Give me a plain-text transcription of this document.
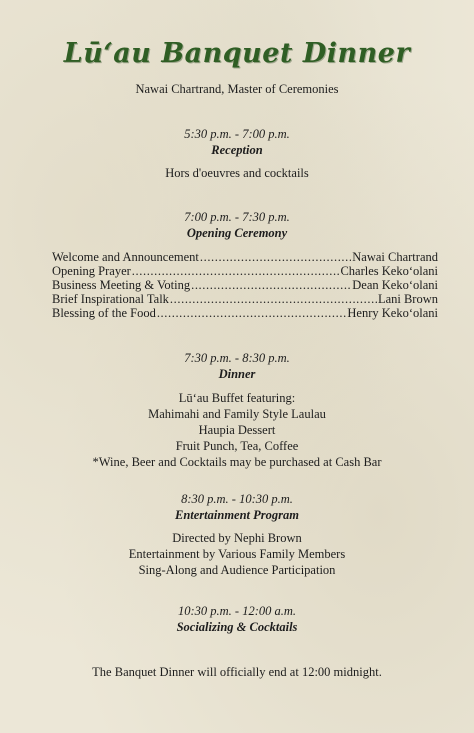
Lū‘au Banquet Dinner
Nawai Chartrand, Master of Ceremonies
5:30 p.m. - 7:00 p.m.
Reception
Hors d'oeuvres and cocktails
7:00 p.m. - 7:30 p.m.
Opening Ceremony
Welcome and Announcement .....	Nawai Chartrand
Opening Prayer .....	Charles Keko‘olani
Business Meeting & Voting .....	Dean Keko‘olani
Brief Inspirational Talk .....	Lani Brown
Blessing of the Food .....	Henry Keko‘olani
7:30 p.m. - 8:30 p.m.
Dinner
Lū‘au Buffet featuring:
Mahimahi and Family Style Laulau
Haupia Dessert
Fruit Punch, Tea, Coffee
*Wine, Beer and Cocktails may be purchased at Cash Bar
8:30 p.m. - 10:30 p.m.
Entertainment Program
Directed by Nephi Brown
Entertainment by Various Family Members
Sing-Along and Audience Participation
10:30 p.m. - 12:00 a.m.
Socializing & Cocktails
The Banquet Dinner will officially end at 12:00 midnight.
